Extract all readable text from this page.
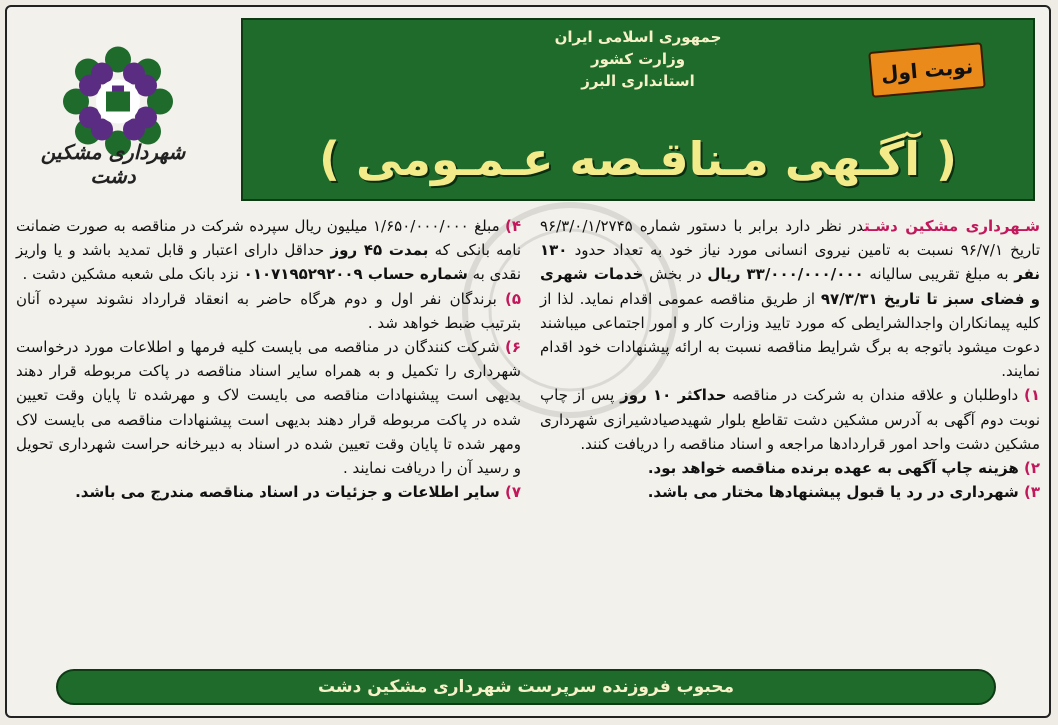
جمهوری اسلامی ایران
وزارت کشور
استانداری البرز
( آگـهی مـناقـصه عـمـومی )
نوبت اول
شهرداری مشکین دشت

شـهرداری مشکین دشـتدر نظر دارد برابر با دستور شماره ۹۶/۳/۰/۱/۲۷۴۵ تاریخ ۹۶/۷/۱ نسبت به تامین نیروی انسانی مورد نیاز خود به تعداد حدود ۱۳۰ نفر به مبلغ تقریبی سالیانه ۳۳/۰۰۰/۰۰۰/۰۰۰ ریال در بخش خدمات شهری و فضای سبز تا تاریخ ۹۷/۳/۳۱ از طریق مناقصه عمومی اقدام نماید. لذا از کلیه پیمانکاران واجدالشرایطی که مورد تایید وزارت کار و امور اجتماعی میباشند دعوت میشود باتوجه به برگ شرایط مناقصه نسبت به ارائه پیشنهادات خود اقدام نمایند.

۱) داوطلبان و علاقه مندان به شرکت در مناقصه حداکثر ۱۰ روز پس از چاپ نوبت دوم آگهی به آدرس مشکین دشت تقاطع بلوار شهیدصیادشیرازی شهرداری مشکین دشت واحد امور قراردادها مراجعه و اسناد مناقصه را دریافت کنند.

۲) هزینه چاپ آگهی به عهده برنده مناقصه خواهد بود.

۳) شهرداری در رد یا قبول پیشنهادها مختار می باشد.

۴) مبلغ ۱/۶۵۰/۰۰۰/۰۰۰ میلیون ریال سپرده شرکت در مناقصه به صورت ضمانت نامه بانکی که بمدت ۴۵ روز حداقل دارای اعتبار و قابل تمدید باشد و یا واریز نقدی به شماره حساب ۰۱۰۷۱۹۵۲۹۲۰۰۹ نزد بانک ملی شعبه مشکین دشت .

۵) برندگان نفر اول و دوم هرگاه حاضر به انعقاد قرارداد نشوند سپرده آنان بترتیب ضبط خواهد شد .

۶) شرکت کنندگان در مناقصه می بایست کلیه فرمها و اطلاعات مورد درخواست شهرداری را تکمیل و به همراه سایر اسناد مناقصه در پاکت مربوطه قرار دهند بدیهی است پیشنهادات مناقصه می بایست لاک و مهرشده تا پایان وقت تعیین شده در پاکت مربوطه قرار دهند بدیهی است پیشنهادات مناقصه می بایست لاک ومهر شده تا پایان وقت تعیین شده در اسناد به دبیرخانه حراست شهرداری تحویل و رسید آن را دریافت نمایند .

۷) سایر اطلاعات و جزئیات در اسناد مناقصه مندرج می باشد.

محبوب فروزنده سرپرست شهرداری مشکین دشت
